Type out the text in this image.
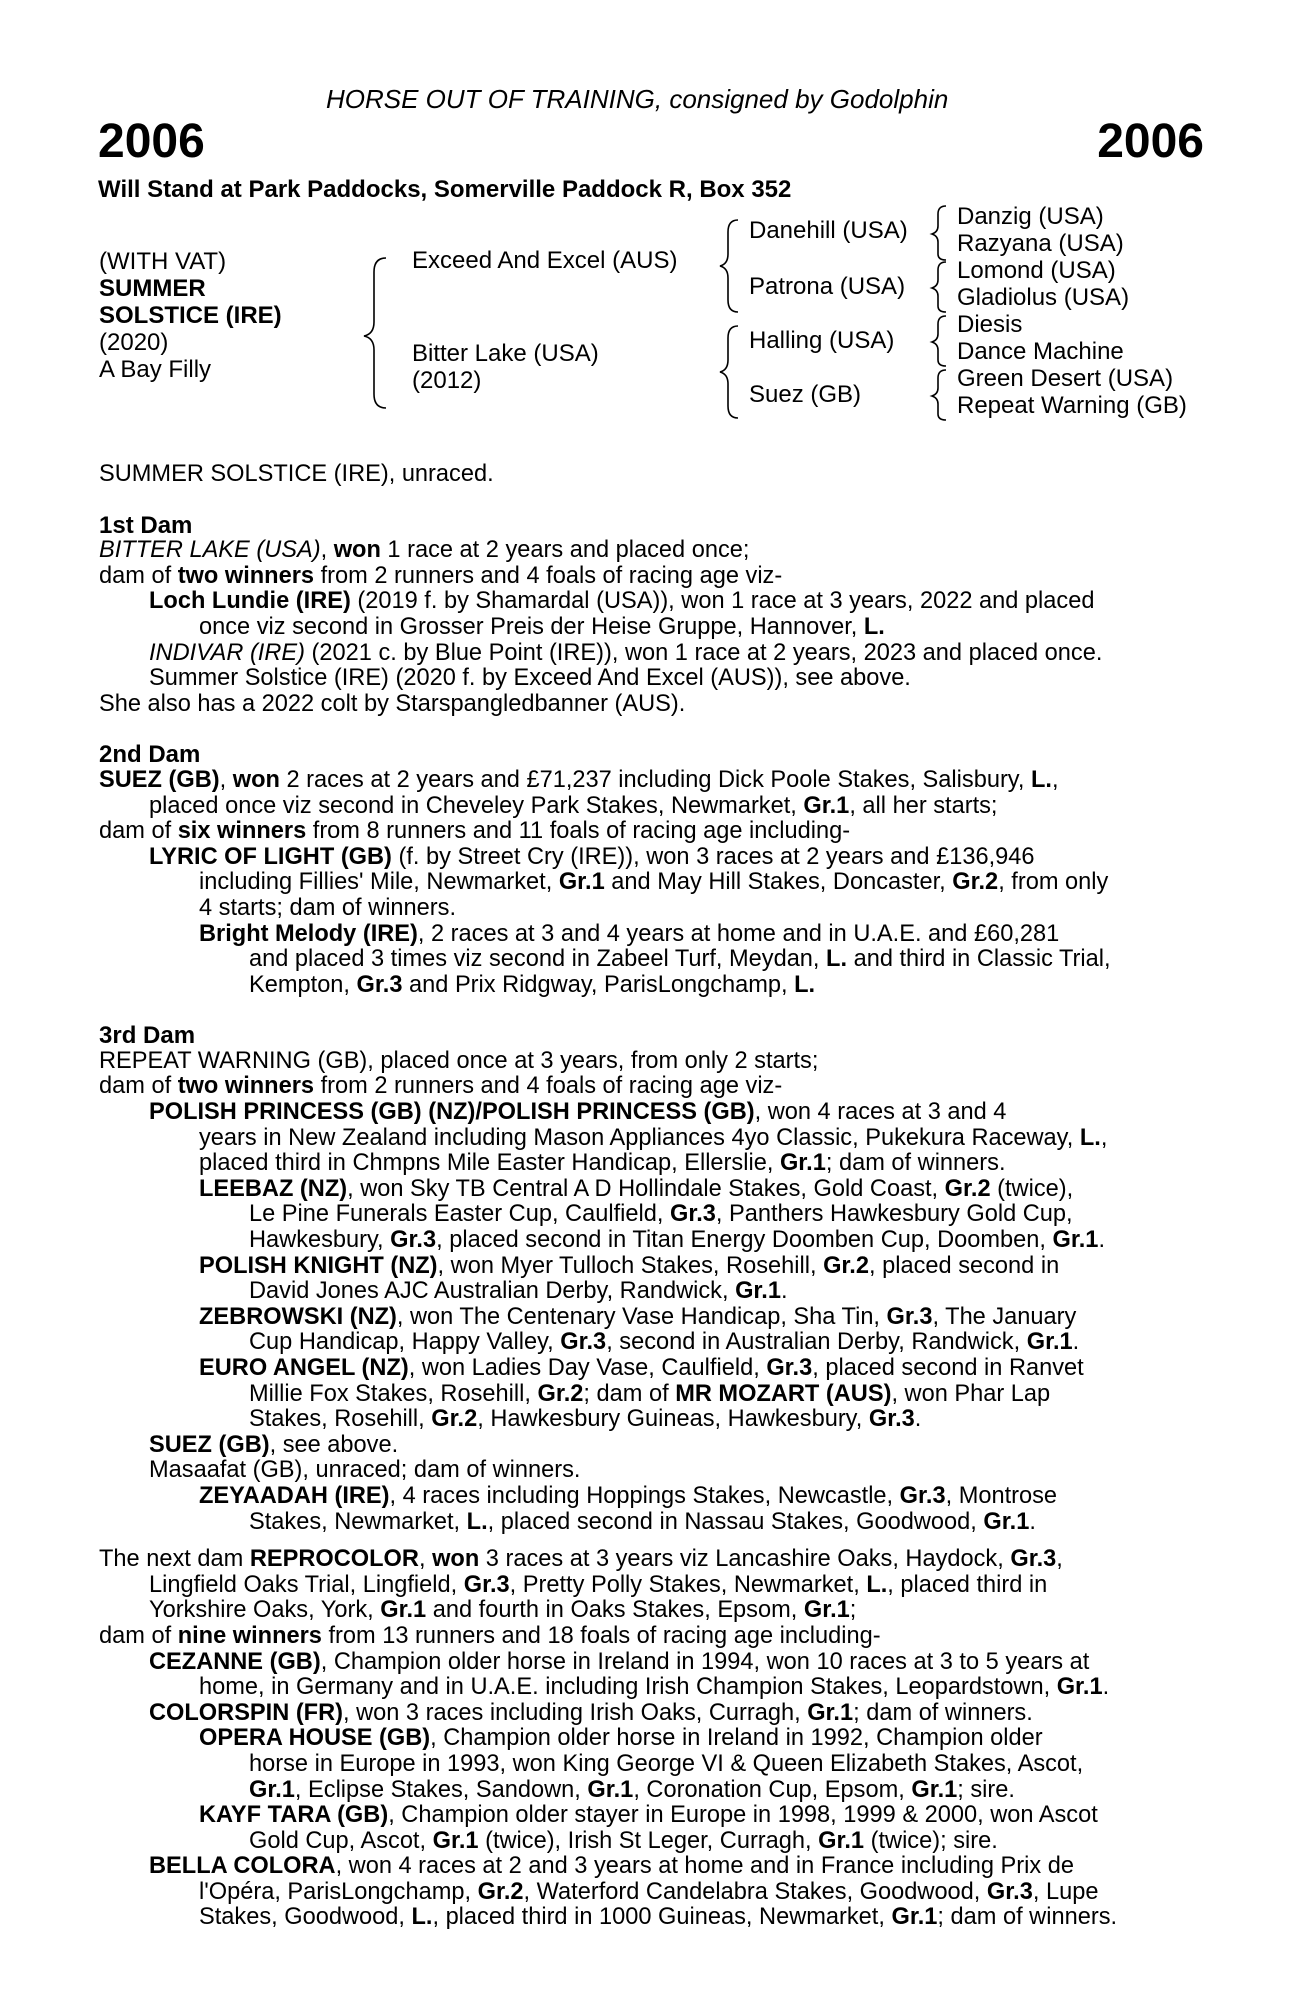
HORSE OUT OF TRAINING, consigned by Godolphin
2006	2006
Will Stand at Park Paddocks, Somerville Paddock R, Box 352
(WITH VAT)
SUMMER
SOLSTICE (IRE)
(2020)
A Bay Filly
Exceed And Excel (AUS)
Bitter Lake (USA)
(2012)
Danehill (USA)
Patrona (USA)
Halling (USA)
Suez (GB)
Danzig (USA)
Razyana (USA)
Lomond (USA)
Gladiolus (USA)
Diesis
Dance Machine
Green Desert (USA)
Repeat Warning (GB)
SUMMER SOLSTICE (IRE), unraced.
1st Dam
BITTER LAKE (USA), won 1 race at 2 years and placed once;
dam of two winners from 2 runners and 4 foals of racing age viz-
Loch Lundie (IRE) (2019 f. by Shamardal (USA)), won 1 race at 3 years, 2022 and placed
once viz second in Grosser Preis der Heise Gruppe, Hannover, L.
INDIVAR (IRE) (2021 c. by Blue Point (IRE)), won 1 race at 2 years, 2023 and placed once.
Summer Solstice (IRE) (2020 f. by Exceed And Excel (AUS)), see above.
She also has a 2022 colt by Starspangledbanner (AUS).
2nd Dam
SUEZ (GB), won 2 races at 2 years and £71,237 including Dick Poole Stakes, Salisbury, L.,
placed once viz second in Cheveley Park Stakes, Newmarket, Gr.1, all her starts;
dam of six winners from 8 runners and 11 foals of racing age including-
LYRIC OF LIGHT (GB) (f. by Street Cry (IRE)), won 3 races at 2 years and £136,946
including Fillies' Mile, Newmarket, Gr.1 and May Hill Stakes, Doncaster, Gr.2, from only
4 starts; dam of winners.
Bright Melody (IRE), 2 races at 3 and 4 years at home and in U.A.E. and £60,281
and placed 3 times viz second in Zabeel Turf, Meydan, L. and third in Classic Trial,
Kempton, Gr.3 and Prix Ridgway, ParisLongchamp, L.
3rd Dam
REPEAT WARNING (GB), placed once at 3 years, from only 2 starts;
dam of two winners from 2 runners and 4 foals of racing age viz-
POLISH PRINCESS (GB) (NZ)/POLISH PRINCESS (GB), won 4 races at 3 and 4
years in New Zealand including Mason Appliances 4yo Classic, Pukekura Raceway, L.,
placed third in Chmpns Mile Easter Handicap, Ellerslie, Gr.1; dam of winners.
LEEBAZ (NZ), won Sky TB Central A D Hollindale Stakes, Gold Coast, Gr.2 (twice),
Le Pine Funerals Easter Cup, Caulfield, Gr.3, Panthers Hawkesbury Gold Cup,
Hawkesbury, Gr.3, placed second in Titan Energy Doomben Cup, Doomben, Gr.1.
POLISH KNIGHT (NZ), won Myer Tulloch Stakes, Rosehill, Gr.2, placed second in
David Jones AJC Australian Derby, Randwick, Gr.1.
ZEBROWSKI (NZ), won The Centenary Vase Handicap, Sha Tin, Gr.3, The January
Cup Handicap, Happy Valley, Gr.3, second in Australian Derby, Randwick, Gr.1.
EURO ANGEL (NZ), won Ladies Day Vase, Caulfield, Gr.3, placed second in Ranvet
Millie Fox Stakes, Rosehill, Gr.2; dam of MR MOZART (AUS), won Phar Lap
Stakes, Rosehill, Gr.2, Hawkesbury Guineas, Hawkesbury, Gr.3.
SUEZ (GB), see above.
Masaafat (GB), unraced; dam of winners.
ZEYAADAH (IRE), 4 races including Hoppings Stakes, Newcastle, Gr.3, Montrose
Stakes, Newmarket, L., placed second in Nassau Stakes, Goodwood, Gr.1.
The next dam REPROCOLOR, won 3 races at 3 years viz Lancashire Oaks, Haydock, Gr.3,
Lingfield Oaks Trial, Lingfield, Gr.3, Pretty Polly Stakes, Newmarket, L., placed third in
Yorkshire Oaks, York, Gr.1 and fourth in Oaks Stakes, Epsom, Gr.1;
dam of nine winners from 13 runners and 18 foals of racing age including-
CEZANNE (GB), Champion older horse in Ireland in 1994, won 10 races at 3 to 5 years at
home, in Germany and in U.A.E. including Irish Champion Stakes, Leopardstown, Gr.1.
COLORSPIN (FR), won 3 races including Irish Oaks, Curragh, Gr.1; dam of winners.
OPERA HOUSE (GB), Champion older horse in Ireland in 1992, Champion older
horse in Europe in 1993, won King George VI & Queen Elizabeth Stakes, Ascot,
Gr.1, Eclipse Stakes, Sandown, Gr.1, Coronation Cup, Epsom, Gr.1; sire.
KAYF TARA (GB), Champion older stayer in Europe in 1998, 1999 & 2000, won Ascot
Gold Cup, Ascot, Gr.1 (twice), Irish St Leger, Curragh, Gr.1 (twice); sire.
BELLA COLORA, won 4 races at 2 and 3 years at home and in France including Prix de
l'Opéra, ParisLongchamp, Gr.2, Waterford Candelabra Stakes, Goodwood, Gr.3, Lupe
Stakes, Goodwood, L., placed third in 1000 Guineas, Newmarket, Gr.1; dam of winners.
